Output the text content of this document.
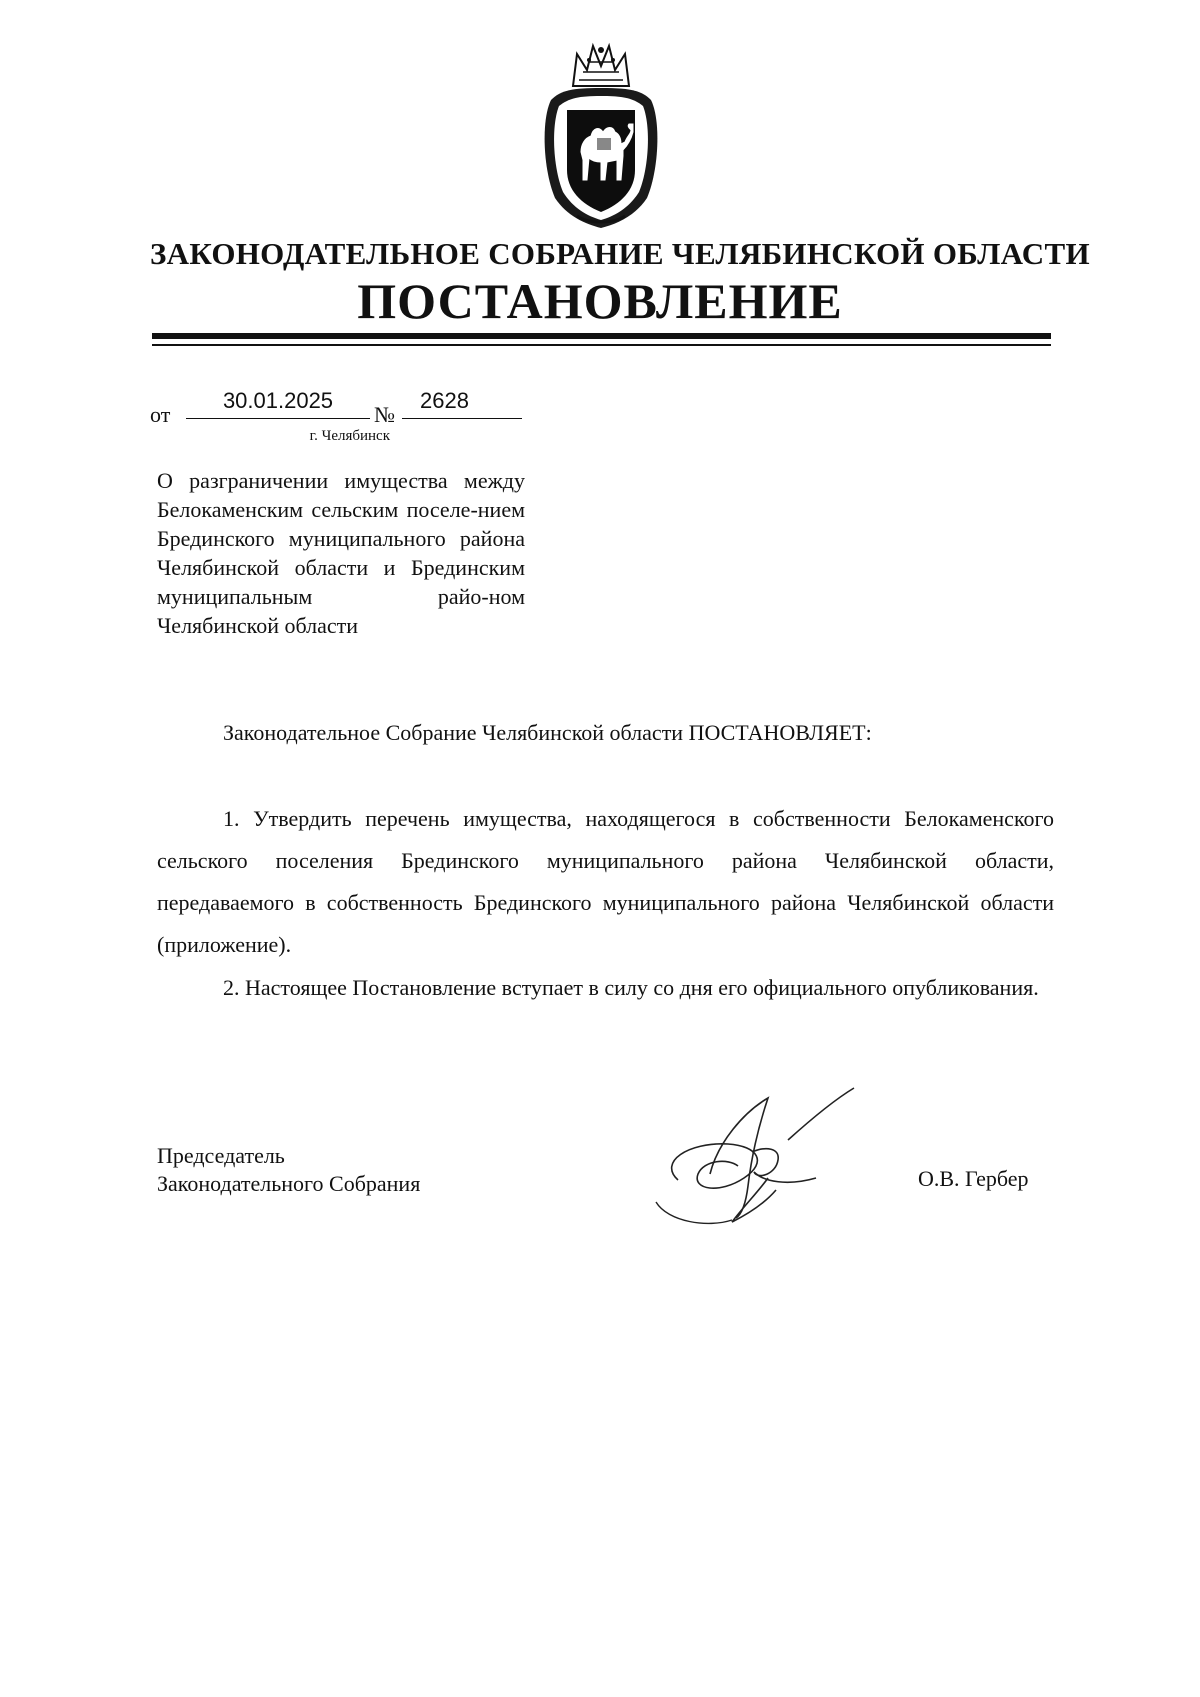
ЗАКОНОДАТЕЛЬНОЕ СОБРАНИЕ ЧЕЛЯБИНСКОЙ ОБЛАСТИ
ПОСТАНОВЛЕНИЕ
от
30.01.2025
№
2628
г. Челябинск
О разграничении имущества между Белокаменским сельским поселе-нием Брединского муниципального района Челябинской области и Брединским муниципальным райо-ном Челябинской области
Законодательное Собрание Челябинской области ПОСТАНОВЛЯЕТ:
1. Утвердить перечень имущества, находящегося в собственности Белокаменского сельского поселения Брединского муниципального района Челябинской области, передаваемого в собственность Брединского муниципального района Челябинской области (приложение).
2. Настоящее Постановление вступает в силу со дня его официального опубликования.
Председатель
Законодательного Собрания	О.В. Гербер
